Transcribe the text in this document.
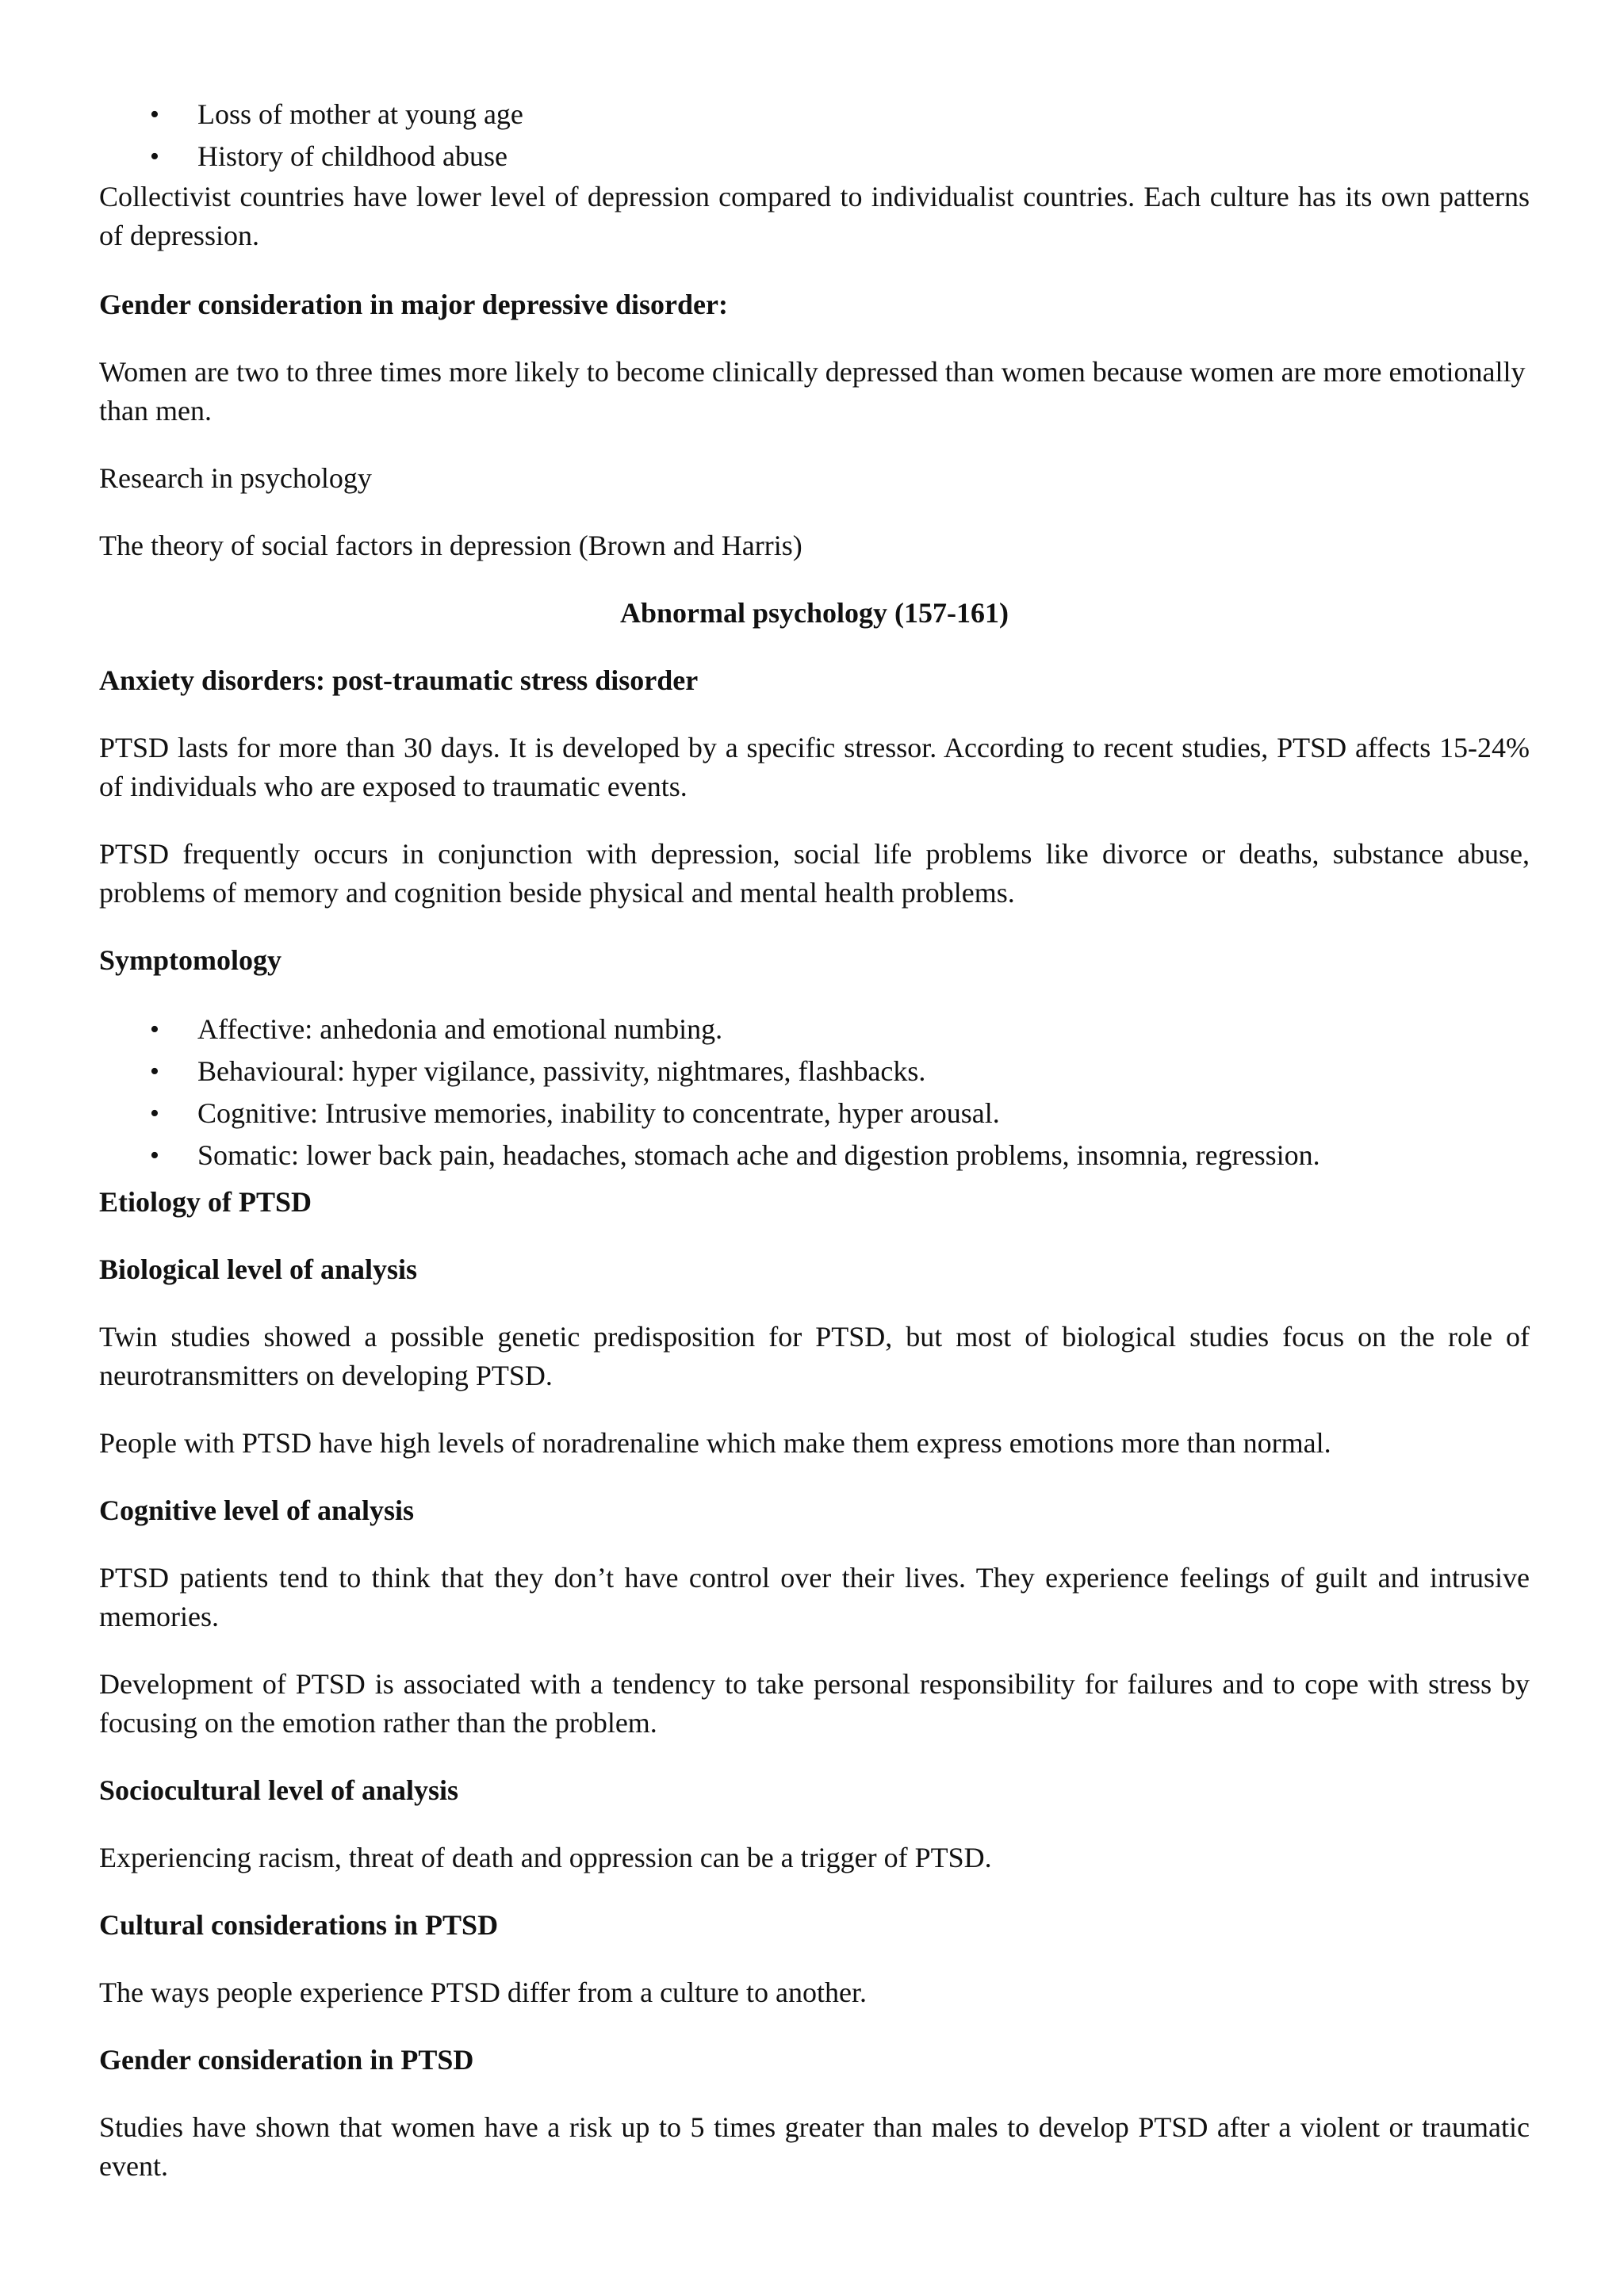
• Loss of mother at young age
• History of childhood abuse

Collectivist countries have lower level of depression compared to individualist countries. Each culture has its own patterns of depression.

Gender consideration in major depressive disorder:

Women are two to three times more likely to become clinically depressed than women because women are more emotionally than men.

Research in psychology

The theory of social factors in depression (Brown and Harris)

Abnormal psychology (157-161)

Anxiety disorders: post-traumatic stress disorder

PTSD lasts for more than 30 days. It is developed by a specific stressor. According to recent studies, PTSD affects 15-24% of individuals who are exposed to traumatic events.

PTSD frequently occurs in conjunction with depression, social life problems like divorce or deaths, substance abuse, problems of memory and cognition beside physical and mental health problems.

Symptomology

• Affective: anhedonia and emotional numbing.
• Behavioural: hyper vigilance, passivity, nightmares, flashbacks.
• Cognitive: Intrusive memories, inability to concentrate, hyper arousal.
• Somatic: lower back pain, headaches, stomach ache and digestion problems, insomnia, regression.

Etiology of PTSD

Biological level of analysis

Twin studies showed a possible genetic predisposition for PTSD, but most of biological studies focus on the role of neurotransmitters on developing PTSD.

People with PTSD have high levels of noradrenaline which make them express emotions more than normal.

Cognitive level of analysis

PTSD patients tend to think that they don’t have control over their lives. They experience feelings of guilt and intrusive memories.

Development of PTSD is associated with a tendency to take personal responsibility for failures and to cope with stress by focusing on the emotion rather than the problem.

Sociocultural level of analysis

Experiencing racism, threat of death and oppression can be a trigger of PTSD.

Cultural considerations in PTSD

The ways people experience PTSD differ from a culture to another.

Gender consideration in PTSD

Studies have shown that women have a risk up to 5 times greater than males to develop PTSD after a violent or traumatic event.
